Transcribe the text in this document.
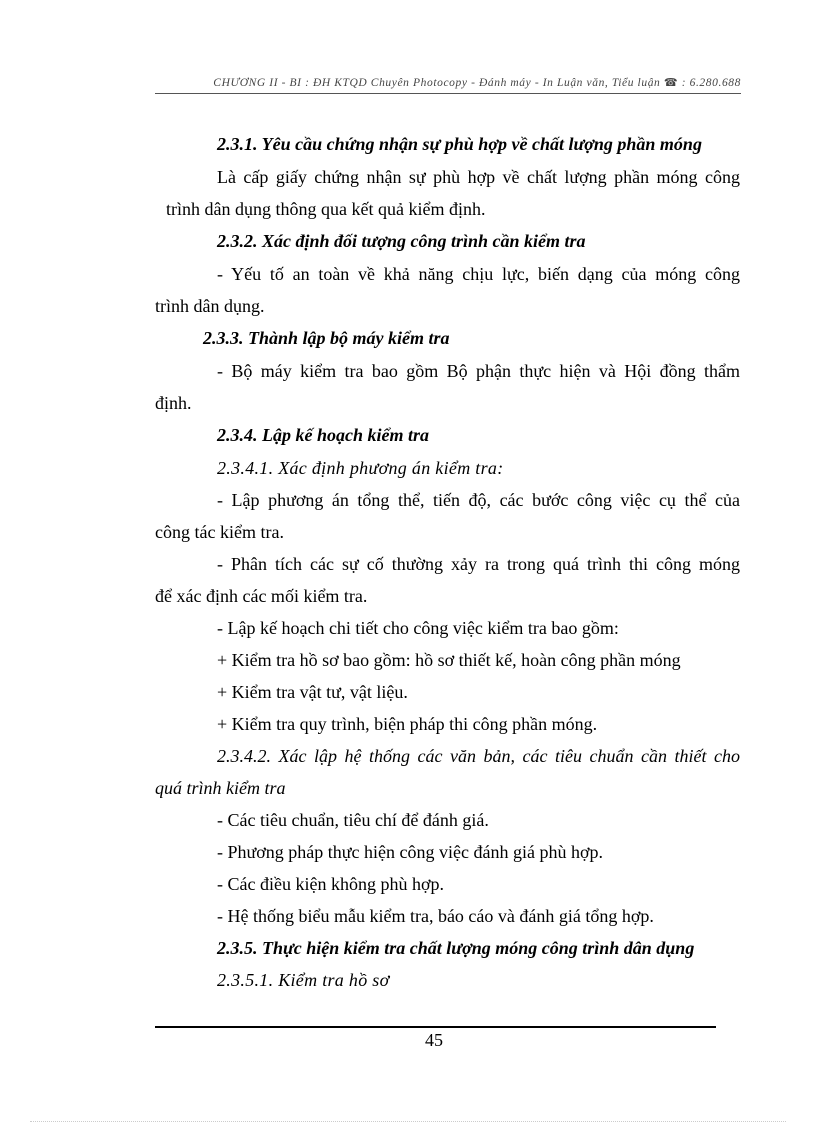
CHƯƠNG II - BI : ĐH KTQD Chuyên Photocopy - Đánh máy - In Luận văn, Tiểu luận ☎ : 6.280.688
2.3.1. Yêu cầu chứng nhận sự phù hợp về chất lượng phần móng
Là cấp giấy chứng nhận sự phù hợp về chất lượng phần móng công
trình dân dụng thông qua kết quả kiểm định.
2.3.2. Xác định đối tượng công trình cần kiểm tra
- Yếu tố an toàn về khả năng chịu lực, biến dạng của móng công
trình dân dụng.
2.3.3. Thành lập bộ máy kiểm tra
- Bộ máy kiểm tra bao gồm Bộ phận thực hiện và Hội đồng thẩm
định.
2.3.4. Lập kế hoạch kiểm tra
2.3.4.1. Xác định phương án kiểm tra:
- Lập phương án tổng thể, tiến độ, các bước công việc cụ thể của
công tác kiểm tra.
- Phân tích các sự cố thường xảy ra trong quá trình thi công móng
để xác định các mối kiểm tra.
- Lập kế hoạch chi tiết cho công việc kiểm tra bao gồm:
+ Kiểm tra hồ sơ bao gồm: hồ sơ thiết kế, hoàn công phần móng
+ Kiểm tra vật tư, vật liệu.
+ Kiểm tra quy trình, biện pháp thi công phần móng.
2.3.4.2. Xác lập hệ thống các văn bản, các tiêu chuẩn cần thiết cho
quá trình kiểm tra
- Các tiêu chuẩn, tiêu chí để đánh giá.
- Phương pháp thực hiện công việc đánh giá phù hợp.
- Các điều kiện không phù hợp.
- Hệ thống biểu mẫu kiểm tra, báo cáo và đánh giá tổng hợp.
2.3.5. Thực hiện kiểm tra chất lượng móng công trình dân dụng
2.3.5.1. Kiểm tra hồ sơ
45
